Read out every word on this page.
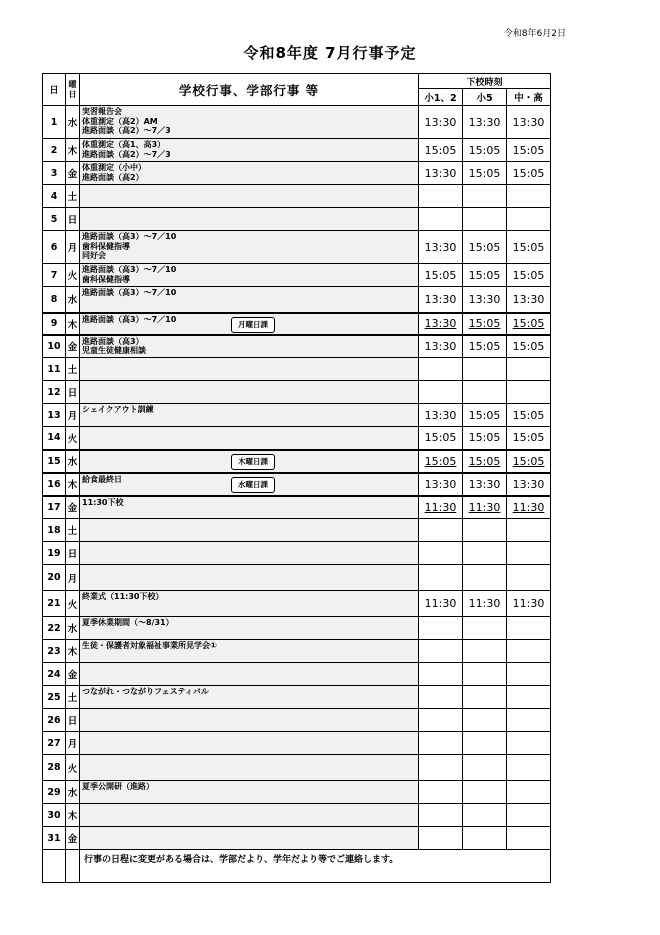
令和8年6月2日
令和8年度 7月行事予定
日	曜日	学校行事、学部行事 等	下校時刻		
			小1、2	小5	中・高
1	水	実習報告会
体重測定（高2）AM
進路面談（高2）～7／3	13:30	13:30	13:30
2	木	体重測定（高1、高3）
進路面談（高2）～7／3	15:05	15:05	15:05
3	金	体重測定（小中）
進路面談（高2）	13:30	15:05	15:05
4	土	

5	日	

6	月	進路面談（高3）～7／10
歯科保健指導
同好会	13:30	15:05	15:05
7	火	進路面談（高3）～7／10
歯科保健指導	15:05	15:05	15:05
8	水	進路面談（高3）～7／10	13:30	13:30	13:30
9	木	進路面談（高3）～7／10
月曜日課	13:30	15:05	15:05
10	金	進路面談（高3）
児童生徒健康相談	13:30	15:05	15:05
11	土	

12	日	

13	月	シェイクアウト訓練	13:30	15:05	15:05
14	火		15:05	15:05	15:05
15	水	木曜日課	15:05	15:05	15:05
16	木	給食最終日
水曜日課	13:30	13:30	13:30
17	金	11:30下校	11:30	11:30	11:30
18	土	

19	日	

20	月	

21	火	終業式（11:30下校）	11:30	11:30	11:30
22	水	夏季休業期間（～8/31）			

23	木	生徒・保護者対象福祉事業所見学会①			

24	金	

25	土	つながれ・つながりフェスティバル			

26	日	

27	月	

28	火	

29	水	夏季公開研（進路）			

30	木	

31	金	

		行事の日程に変更がある場合は、学部だより、学年だより等でご連絡します。			
